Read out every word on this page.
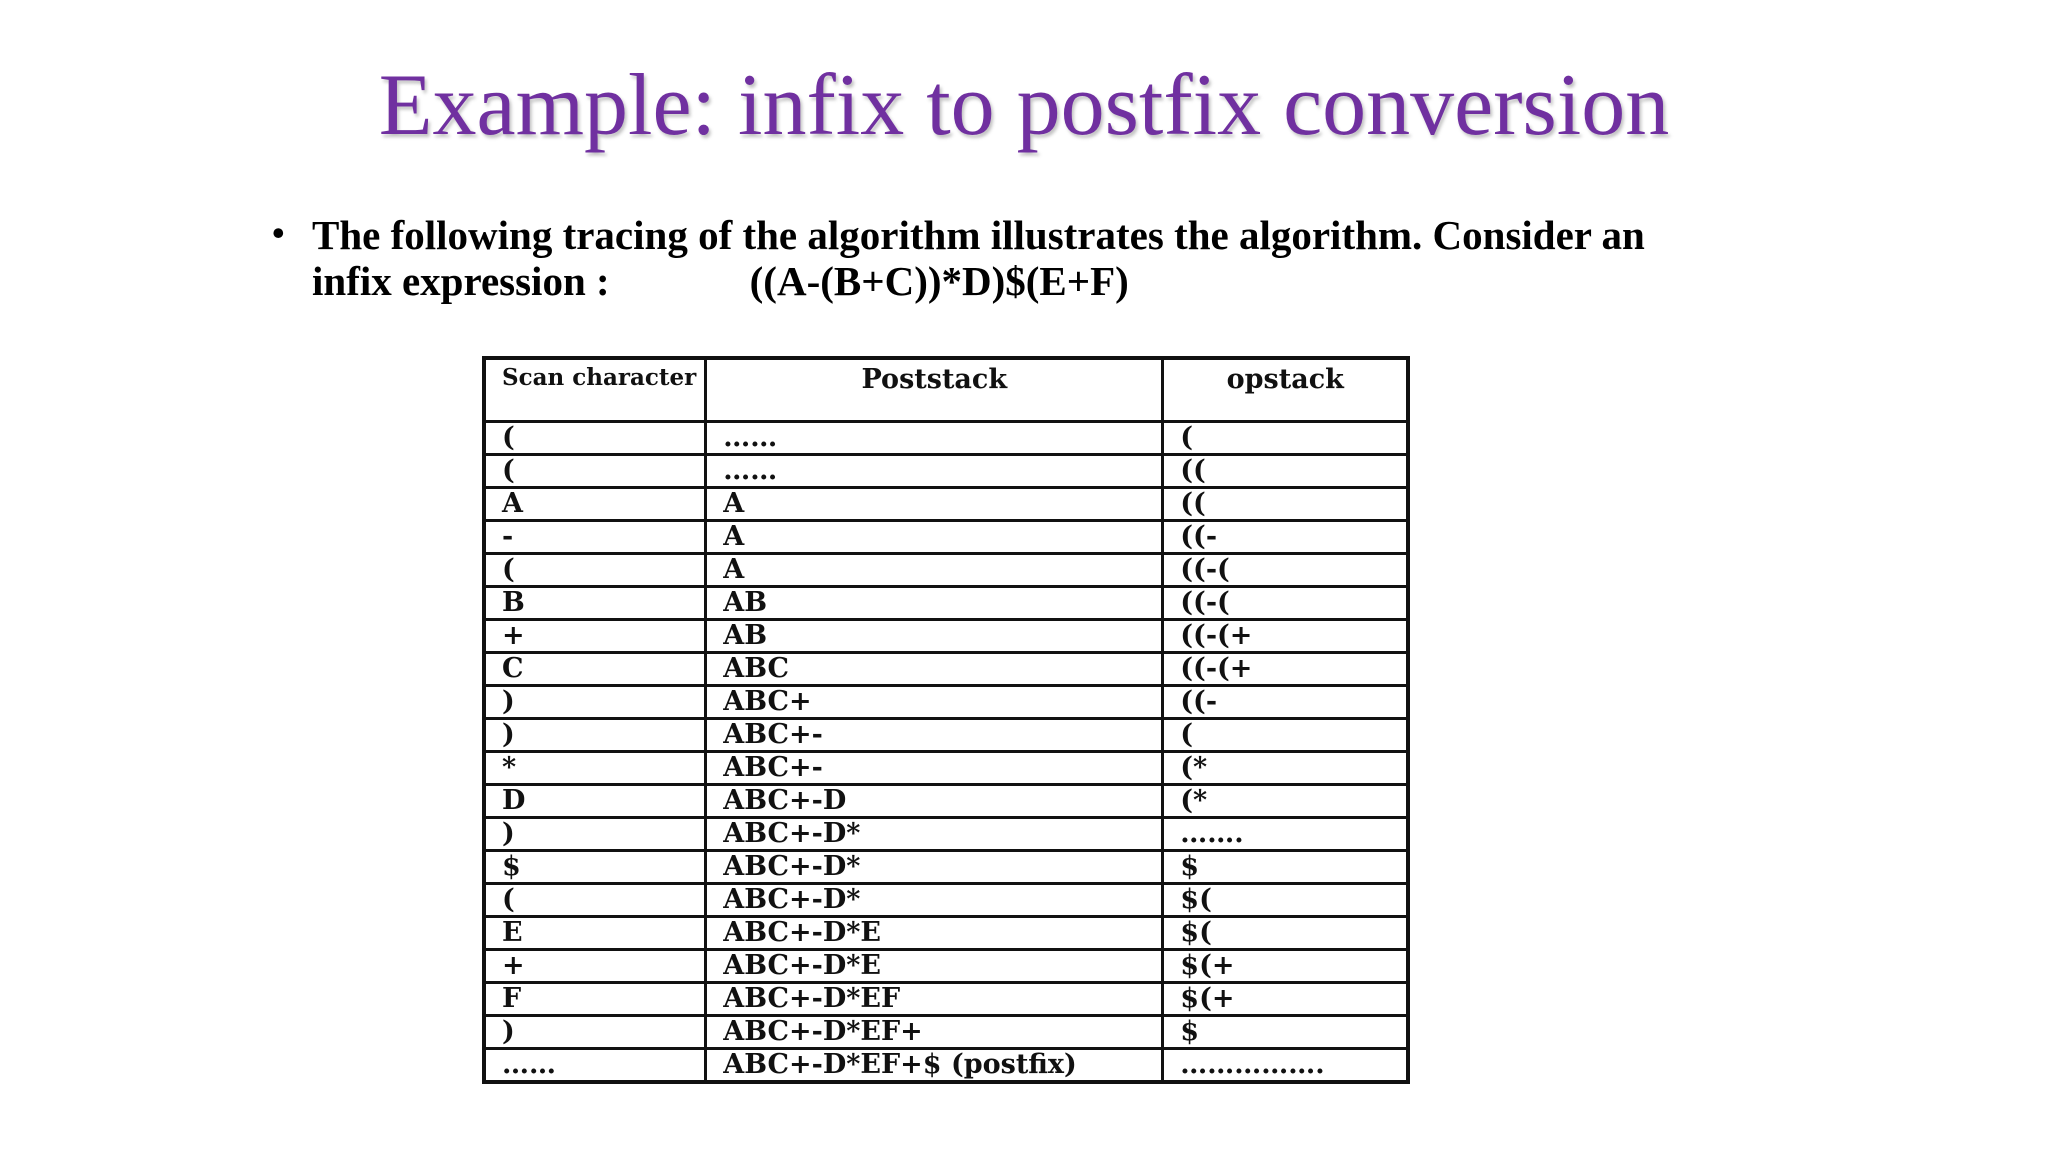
Example: infix to postfix conversion
• The following tracing of the algorithm illustrates the algorithm. Consider an
infix expression :	((A-(B+C))*D)$(E+F)
Scan character	Poststack	opstack
(	……	(
(	……	((
A	A	((
-	A	((-
(	A	((-(
B	AB	((-(
+	AB	((-(+
C	ABC	((-(+
)	ABC+	((-
)	ABC+-	(
*	ABC+-	(*
D	ABC+-D	(*
)	ABC+-D*	…….
$	ABC+-D*	$
(	ABC+-D*	$(
E	ABC+-D*E	$(
+	ABC+-D*E	$(+
F	ABC+-D*EF	$(+
)	ABC+-D*EF+	$
……	ABC+-D*EF+$ (postfix)	…………….
